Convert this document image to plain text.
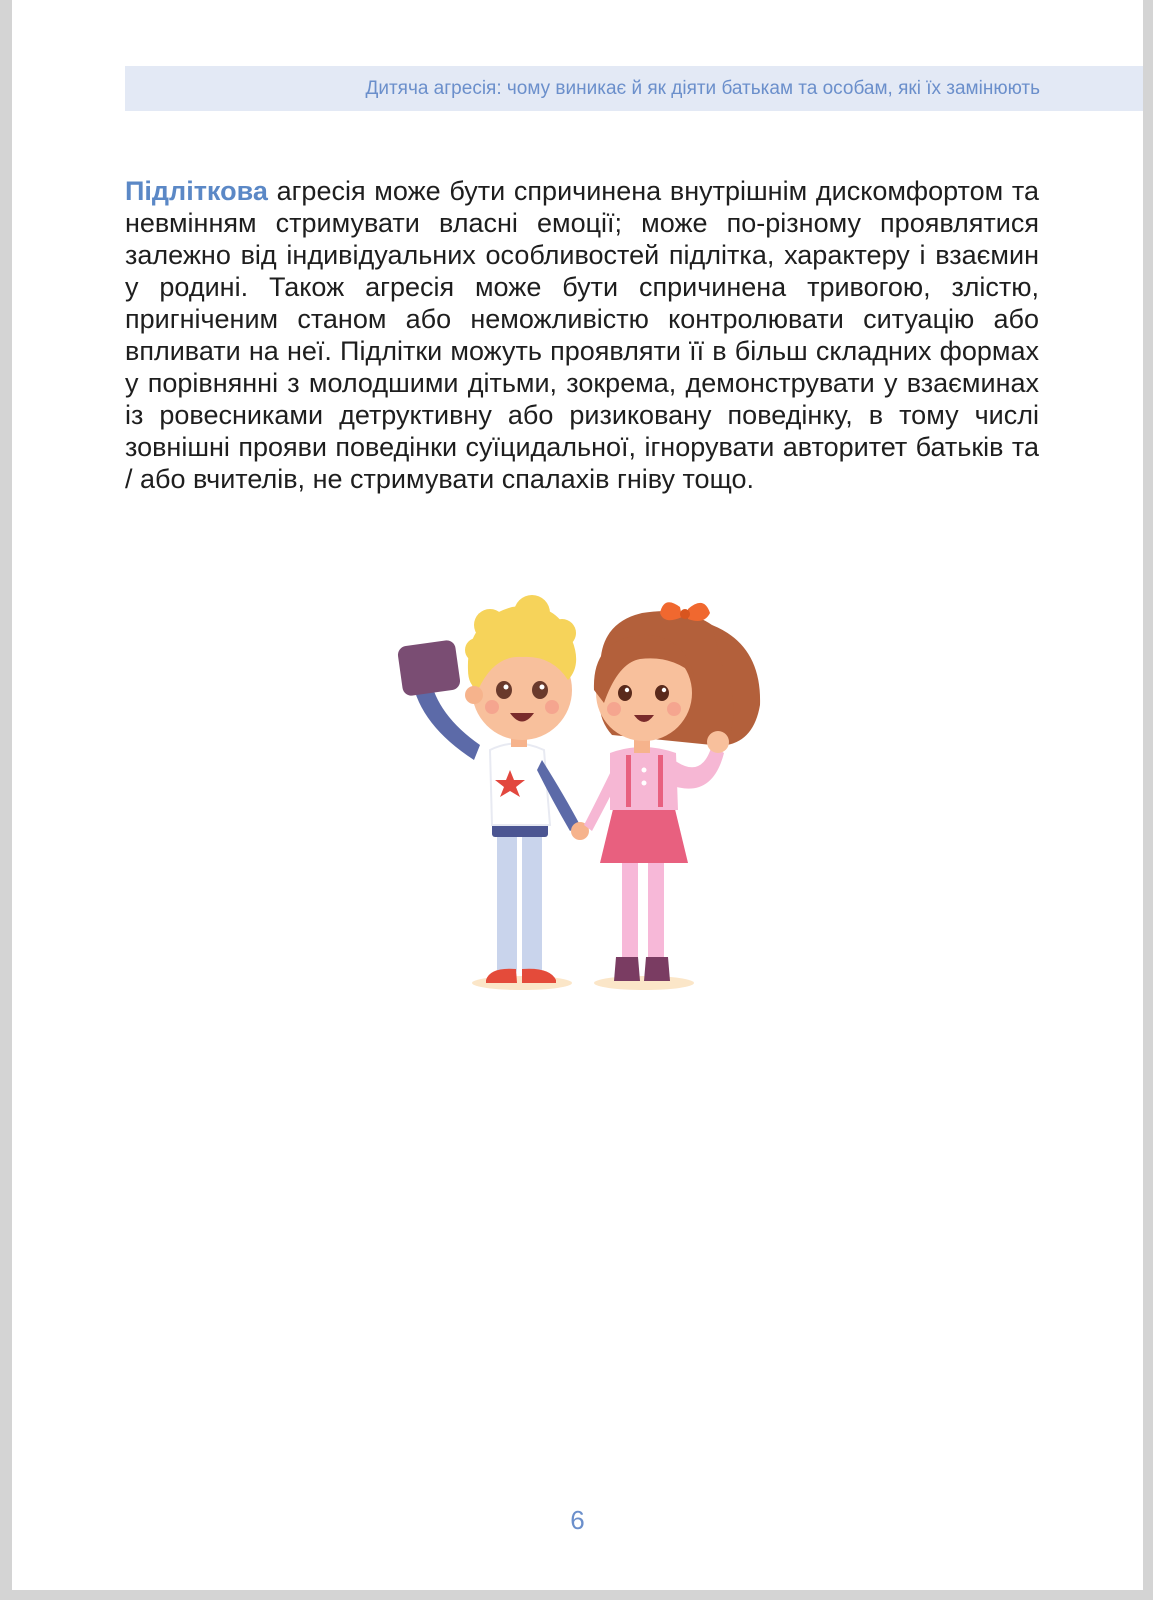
Дитяча агресія: чому виникає й як діяти батькам та особам, які їх замінюють

Підліткова агресія може бути спричинена внутрішнім дискомфортом та невмінням стримувати власні емоції; може по-різному проявлятися залежно від індивідуальних особливостей підлітка, характеру і взаємин у родині. Також агресія може бути спричинена тривогою, злістю, пригніченим станом або неможливістю контролювати ситуацію або впливати на неї. Підлітки можуть проявляти її в більш складних формах у порівнянні з молодшими дітьми, зокрема, демонструвати у взаєминах із ровесниками детруктивну або ризиковану поведінку, в тому числі зовнішні прояви поведінки суїцидальної, ігнорувати авторитет батьків та / або вчителів, не стримувати спалахів гніву тощо.

6
